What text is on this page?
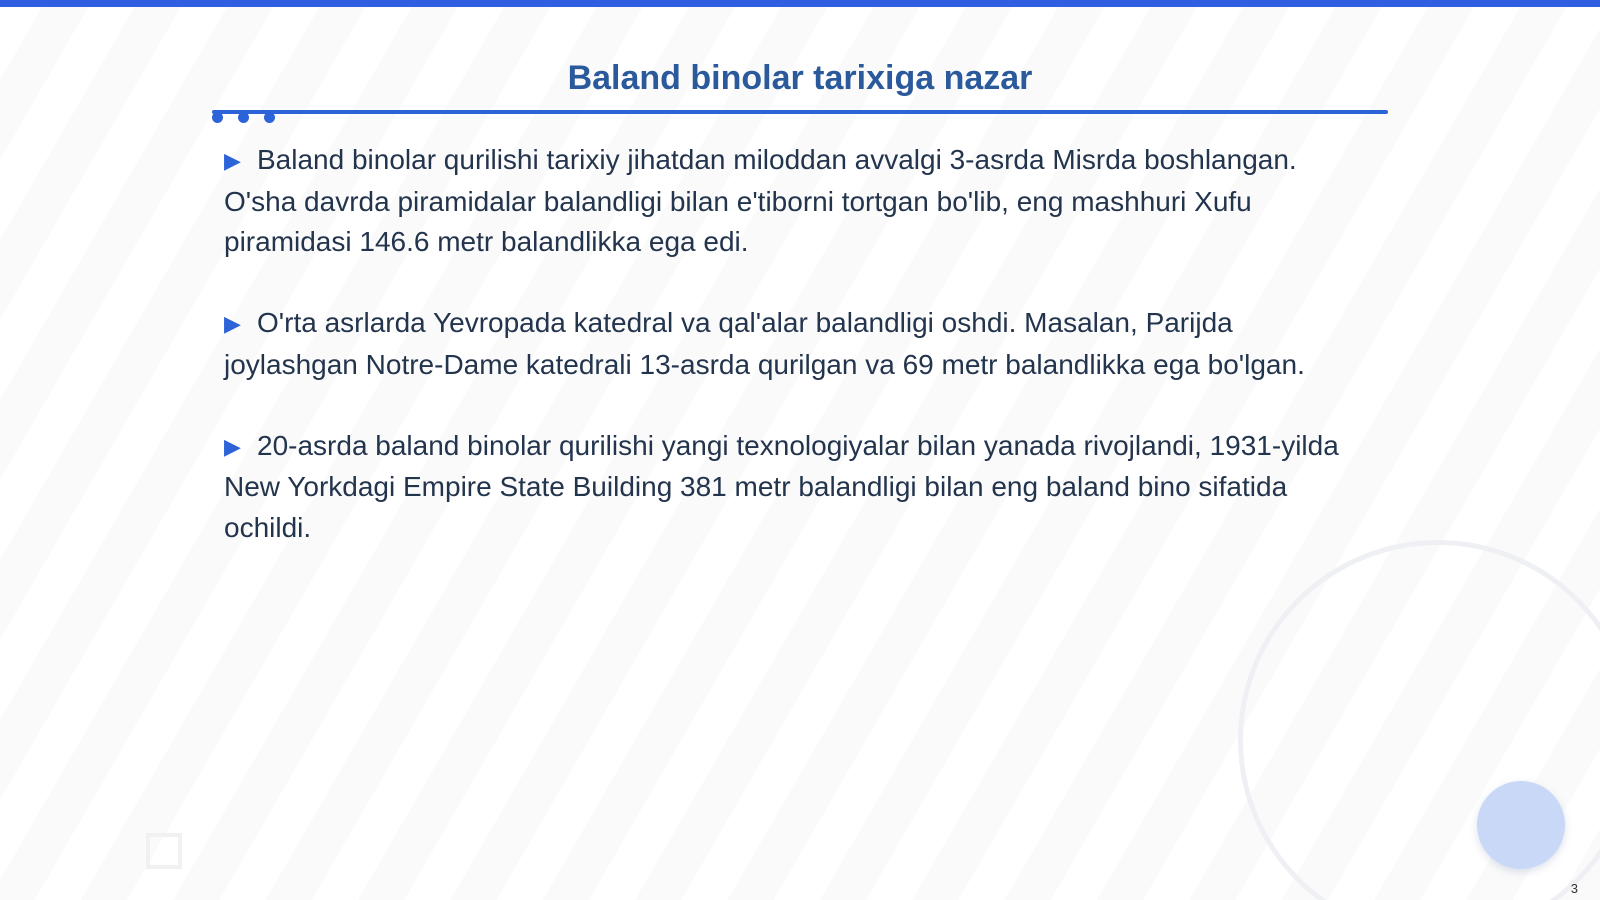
Baland binolar tarixiga nazar

▶ Baland binolar qurilishi tarixiy jihatdan miloddan avvalgi 3-asrda Misrda boshlangan. O'sha davrda piramidalar balandligi bilan e'tiborni tortgan bo'lib, eng mashhuri Xufu piramidasi 146.6 metr balandlikka ega edi.

▶ O'rta asrlarda Yevropada katedral va qal'alar balandligi oshdi. Masalan, Parijda joylashgan Notre-Dame katedrali 13-asrda qurilgan va 69 metr balandlikka ega bo'lgan.

▶ 20-asrda baland binolar qurilishi yangi texnologiyalar bilan yanada rivojlandi, 1931-yilda New Yorkdagi Empire State Building 381 metr balandligi bilan eng baland bino sifatida ochildi.

3
